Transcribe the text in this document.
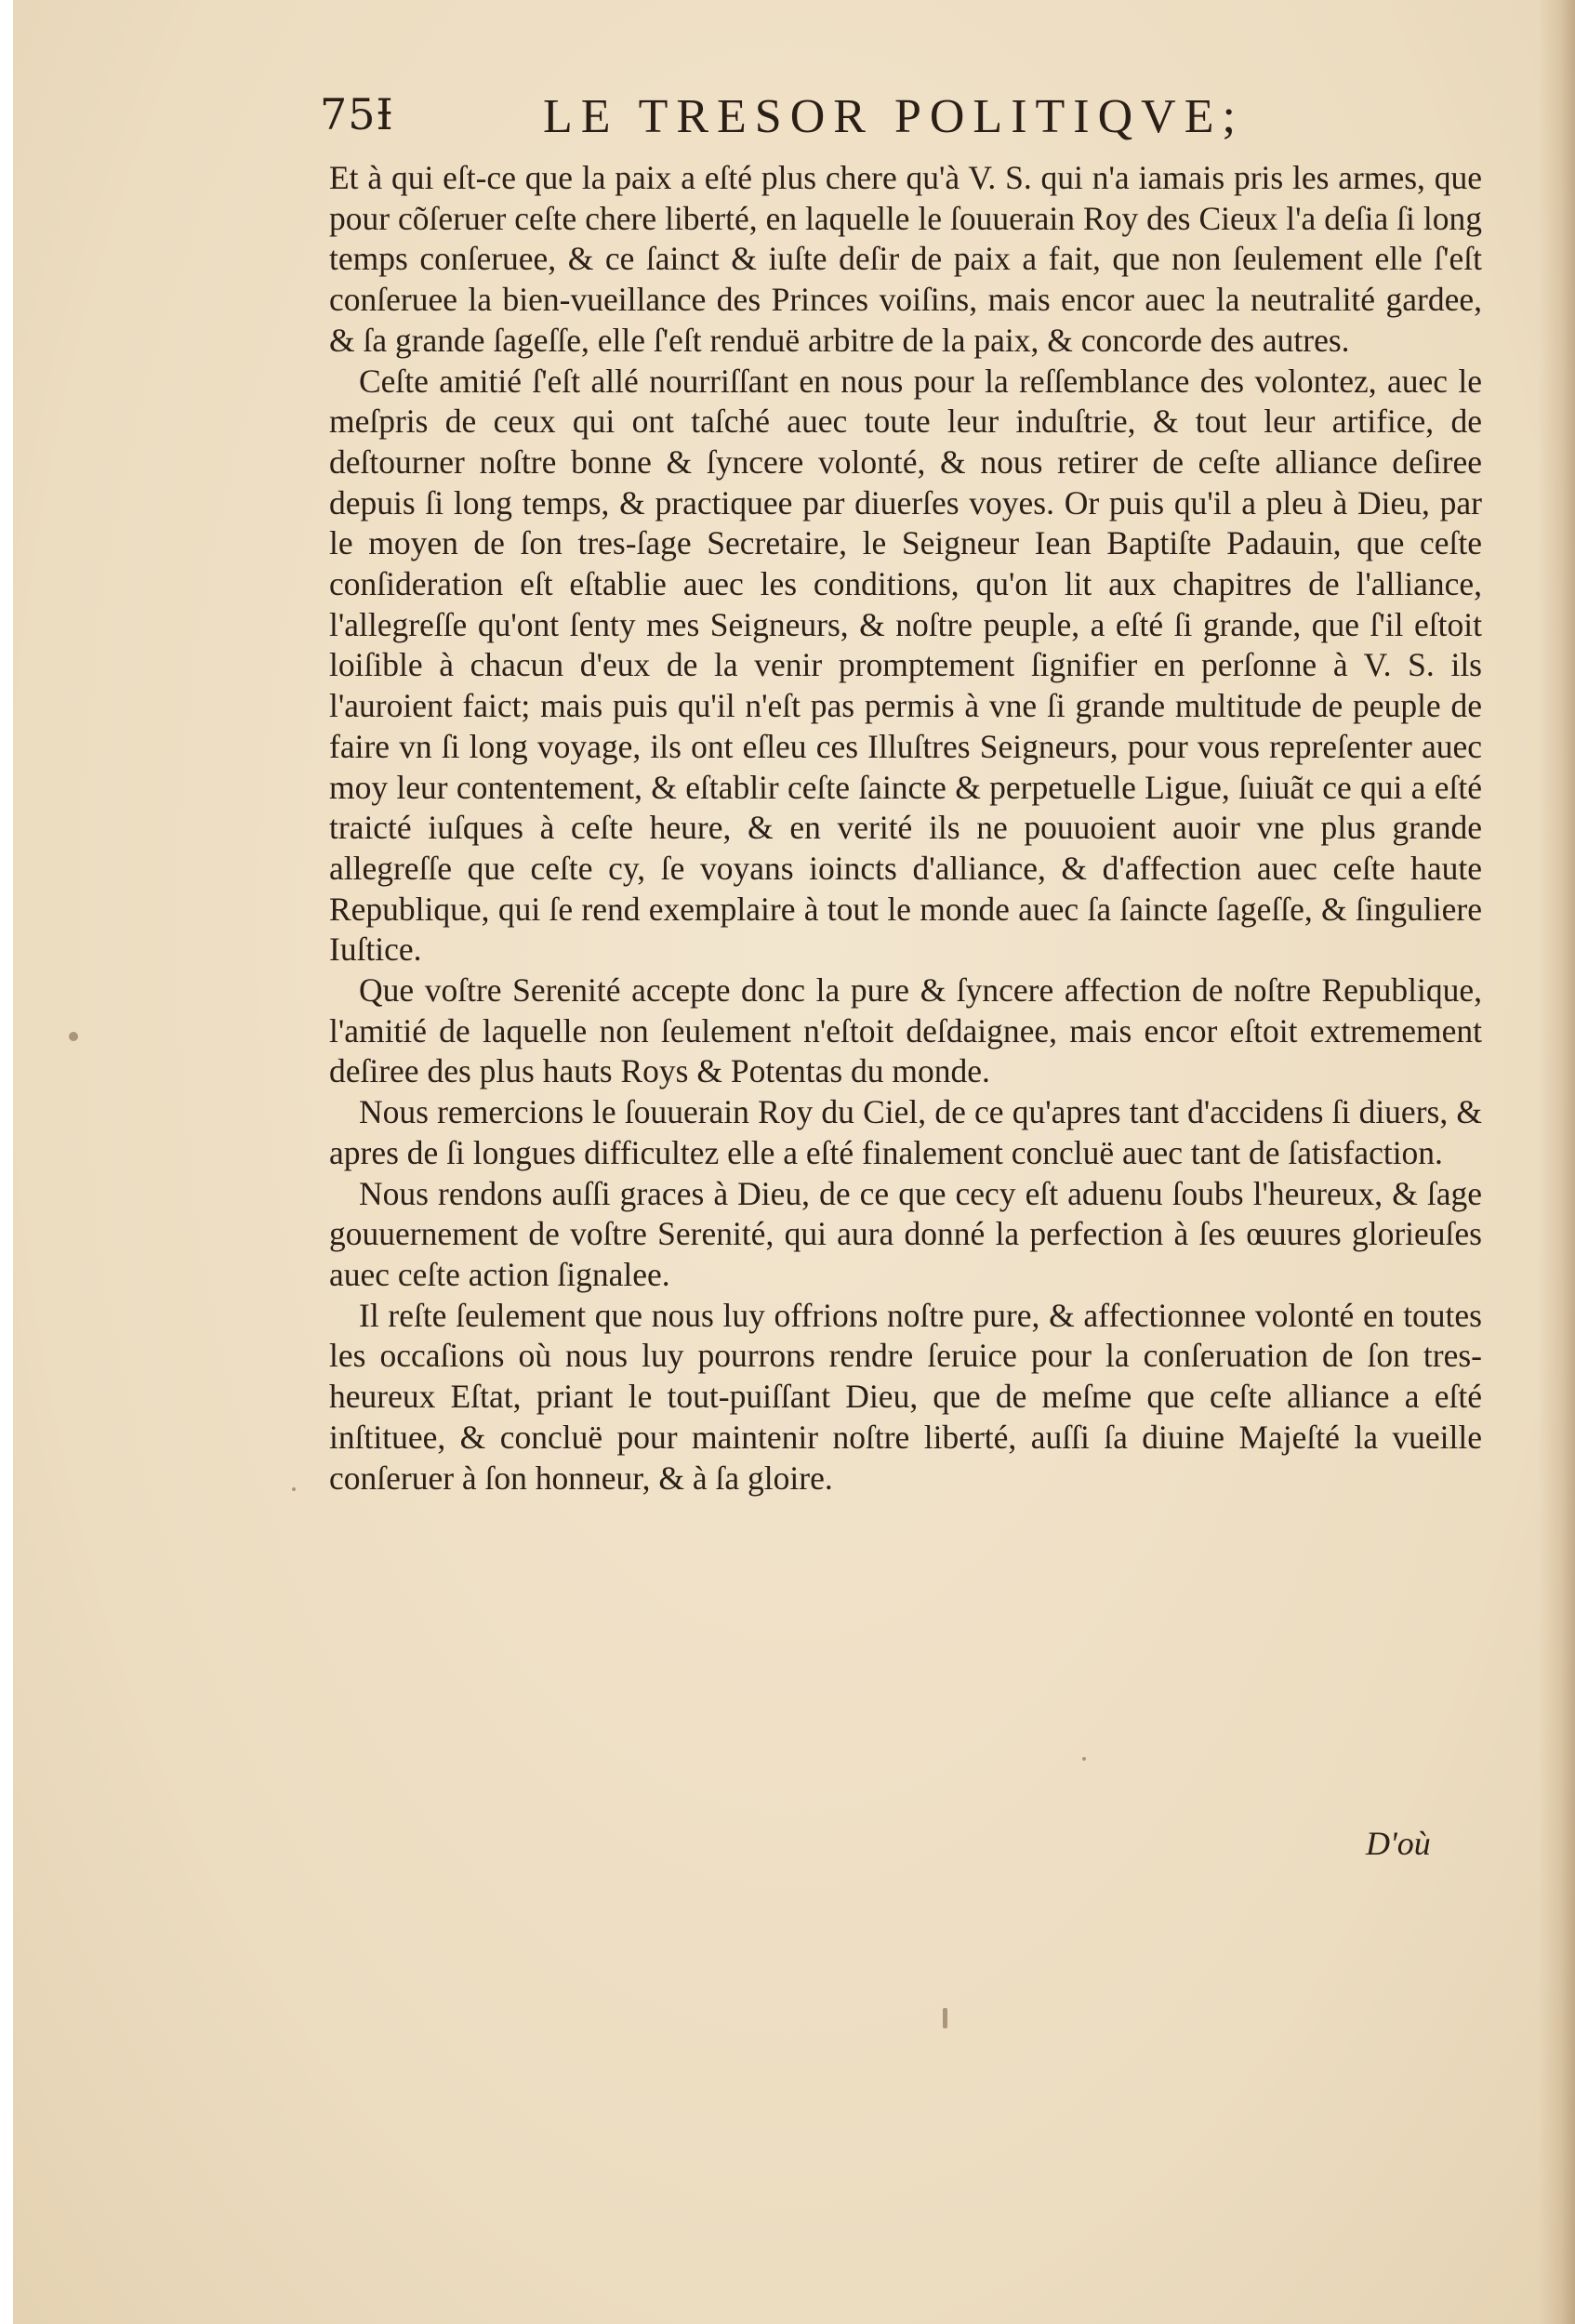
75Ɨ	LE TRESOR POLITIQVE;

Et à qui eſt-ce que la paix a eſté plus chere qu'à V. S. qui n'a iamais pris les armes, que pour cõſeruer ceſte chere liberté, en laquelle le ſouuerain Roy des Cieux l'a deſia ſi long temps conſeruee, & ce ſainct & iuſte deſir de paix a fait, que non ſeulement elle ſ'eſt conſeruee la bien-vueillance des Princes voiſins, mais encor auec la neutralité gardee, & ſa grande ſageſſe, elle ſ'eſt renduë arbitre de la paix, & concorde des autres.

Ceſte amitié ſ'eſt allé nourriſſant en nous pour la reſſemblance des volontez, auec le meſpris de ceux qui ont taſché auec toute leur induſtrie, & tout leur artifice, de deſtourner noſtre bonne & ſyncere volonté, & nous retirer de ceſte alliance deſiree depuis ſi long temps, & practiquee par diuerſes voyes. Or puis qu'il a pleu à Dieu, par le moyen de ſon tres-ſage Secretaire, le Seigneur Iean Baptiſte Padauin, que ceſte conſideration eſt eſtablie auec les conditions, qu'on lit aux chapitres de l'alliance, l'allegreſſe qu'ont ſenty mes Seigneurs, & noſtre peuple, a eſté ſi grande, que ſ'il eſtoit loiſible à chacun d'eux de la venir promptement ſignifier en perſonne à V. S. ils l'auroient faict; mais puis qu'il n'eſt pas permis à vne ſi grande multitude de peuple de faire vn ſi long voyage, ils ont eſleu ces Illuſtres Seigneurs, pour vous repreſenter auec moy leur contentement, & eſtablir ceſte ſaincte & perpetuelle Ligue, ſuiuãt ce qui a eſté traicté iuſques à ceſte heure, & en verité ils ne pouuoient auoir vne plus grande allegreſſe que ceſte cy, ſe voyans ioincts d'alliance, & d'affection auec ceſte haute Republique, qui ſe rend exemplaire à tout le monde auec ſa ſaincte ſageſſe, & ſinguliere Iuſtice.

Que voſtre Serenité accepte donc la pure & ſyncere affection de noſtre Republique, l'amitié de laquelle non ſeulement n'eſtoit deſdaignee, mais encor eſtoit extremement deſiree des plus hauts Roys & Potentas du monde.

Nous remercions le ſouuerain Roy du Ciel, de ce qu'apres tant d'accidens ſi diuers, & apres de ſi longues difficultez elle a eſté finalement concluë auec tant de ſatisfaction.

Nous rendons auſſi graces à Dieu, de ce que cecy eſt aduenu ſoubs l'heureux, & ſage gouuernement de voſtre Serenité, qui aura donné la perfection à ſes œuures glorieuſes auec ceſte action ſignalee.

Il reſte ſeulement que nous luy offrions noſtre pure, & affectionnee volonté en toutes les occaſions où nous luy pourrons rendre ſeruice pour la conſeruation de ſon tres-heureux Eſtat, priant le tout-puiſſant Dieu, que de meſme que ceſte alliance a eſté inſtituee, & concluë pour maintenir noſtre liberté, auſſi ſa diuine Majeſté la vueille conſeruer à ſon honneur, & à ſa gloire.

D'où
